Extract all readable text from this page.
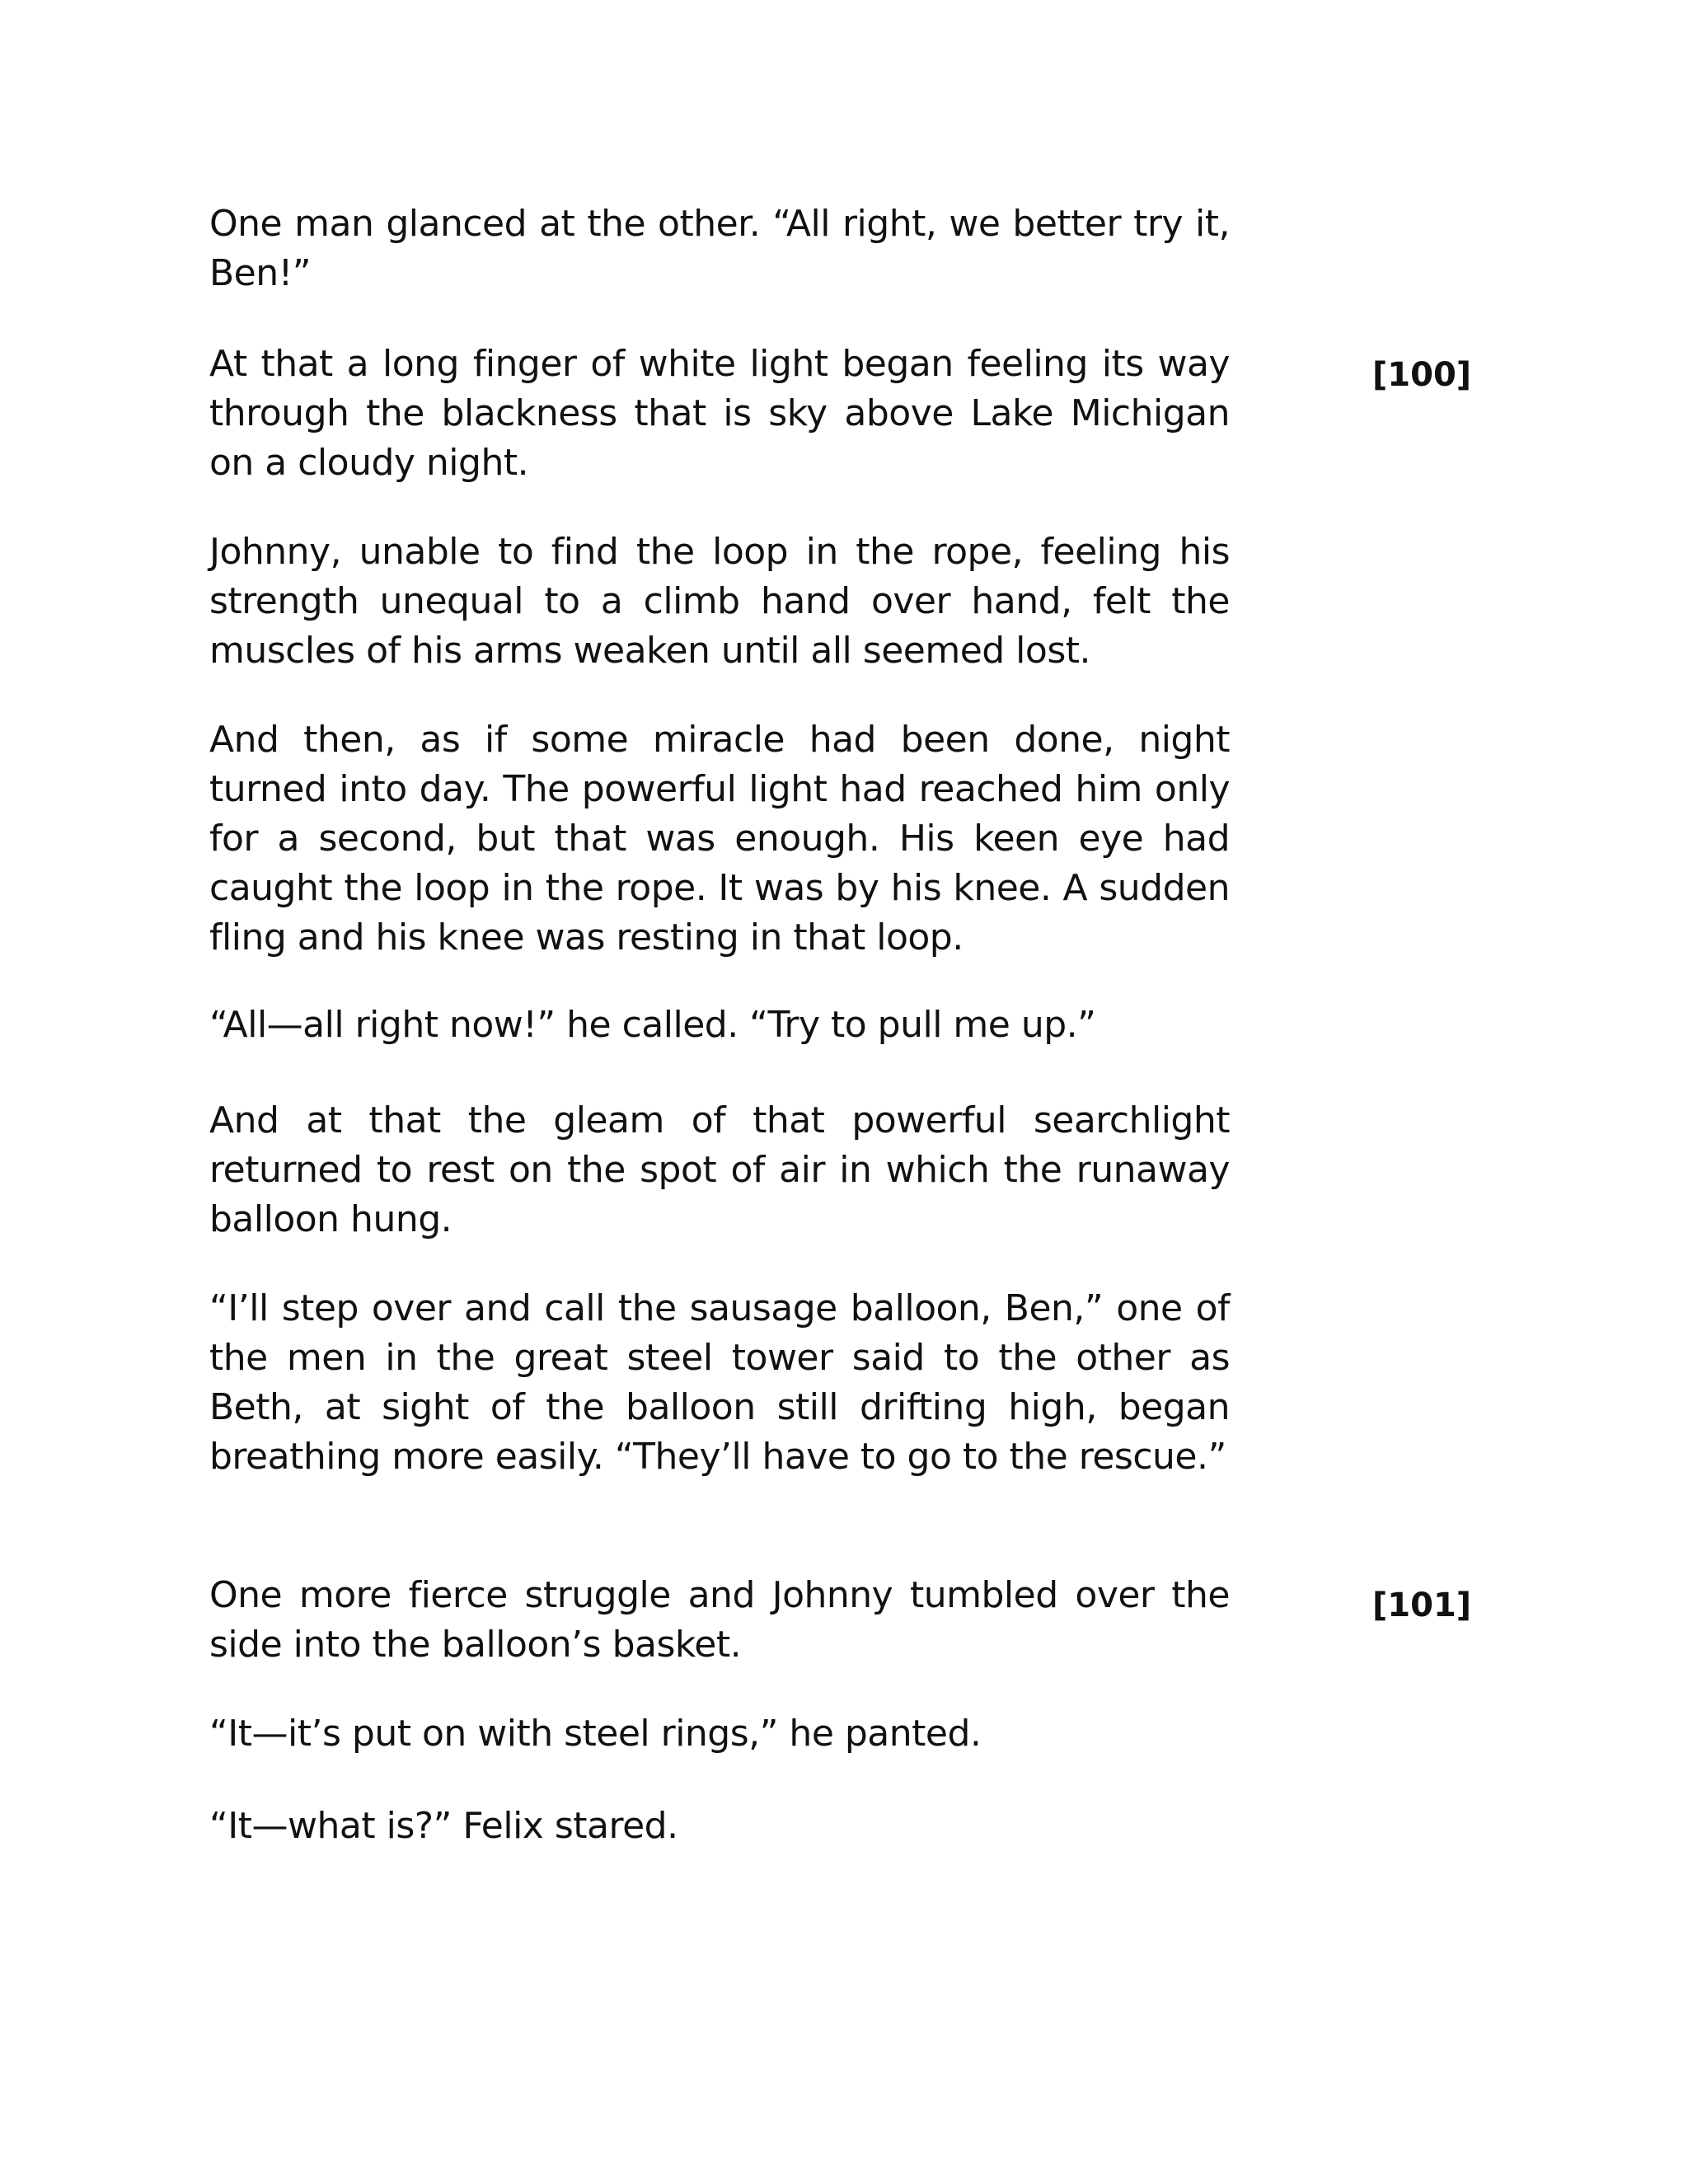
One man glanced at the other. “All right, we better try it, Ben!”

At that a long finger of white light began feeling its way through the blackness that is sky above Lake Michigan on a cloudy night.

[100]

Johnny, unable to find the loop in the rope, feeling his strength unequal to a climb hand over hand, felt the muscles of his arms weaken until all seemed lost.

And then, as if some miracle had been done, night turned into day. The powerful light had reached him only for a second, but that was enough. His keen eye had caught the loop in the rope. It was by his knee. A sudden fling and his knee was resting in that loop.

“All—all right now!” he called. “Try to pull me up.”

And at that the gleam of that powerful searchlight returned to rest on the spot of air in which the runaway balloon hung.

“I’ll step over and call the sausage balloon, Ben,” one of the men in the great steel tower said to the other as Beth, at sight of the balloon still drifting high, began breathing more easily. “They’ll have to go to the rescue.”

One more fierce struggle and Johnny tumbled over the side into the balloon’s basket.

[101]

“It—it’s put on with steel rings,” he panted.

“It—what is?” Felix stared.
